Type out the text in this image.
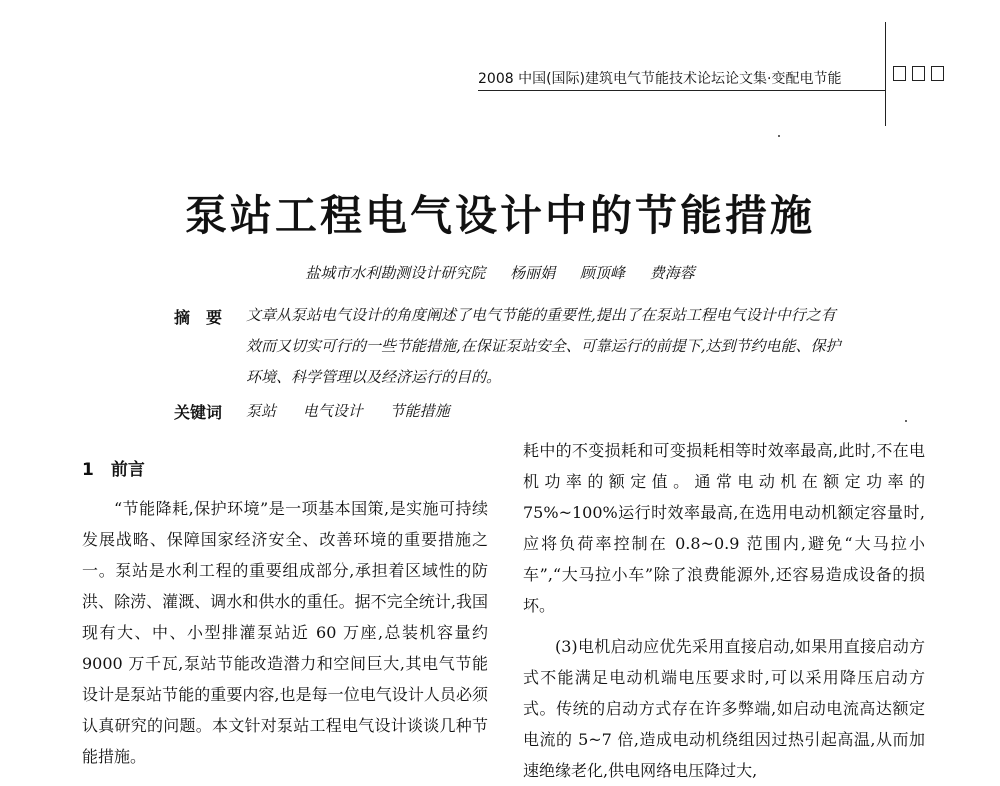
2008 中国(国际)建筑电气节能技术论坛论文集·变配电节能
泵站工程电气设计中的节能措施
盐城市水利勘测设计研究院 杨丽娟 顾顶峰 费海蓉
摘　要 文章从泵站电气设计的角度阐述了电气节能的重要性,提出了在泵站工程电气设计中行之有效而又切实可行的一些节能措施,在保证泵站安全、可靠运行的前提下,达到节约电能、保护环境、科学管理以及经济运行的目的。
关键词 泵站 电气设计 节能措施
1　前言

“节能降耗,保护环境”是一项基本国策,是实施可持续发展战略、保障国家经济安全、改善环境的重要措施之一。泵站是水利工程的重要组成部分,承担着区域性的防洪、除涝、灌溉、调水和供水的重任。据不完全统计,我国现有大、中、小型排灌泵站近 60 万座,总装机容量约 9000 万千瓦,泵站节能改造潜力和空间巨大,其电气节能设计是泵站节能的重要内容,也是每一位电气设计人员必须认真研究的问题。本文针对泵站工程电气设计谈谈几种节能措施。

耗中的不变损耗和可变损耗相等时效率最高,此时,不在电机功率的额定值。通常电动机在额定功率的 75%~100%运行时效率最高,在选用电动机额定容量时,应将负荷率控制在 0.8~0.9 范围内,避免“大马拉小车”,“大马拉小车”除了浪费能源外,还容易造成设备的损坏。

(3)电机启动应优先采用直接启动,如果用直接启动方式不能满足电动机端电压要求时,可以采用降压启动方式。传统的启动方式存在许多弊端,如启动电流高达额定电流的 5~7 倍,造成电动机绕组因过热引起高温,从而加速绝缘老化,供电网络电压降过大,
